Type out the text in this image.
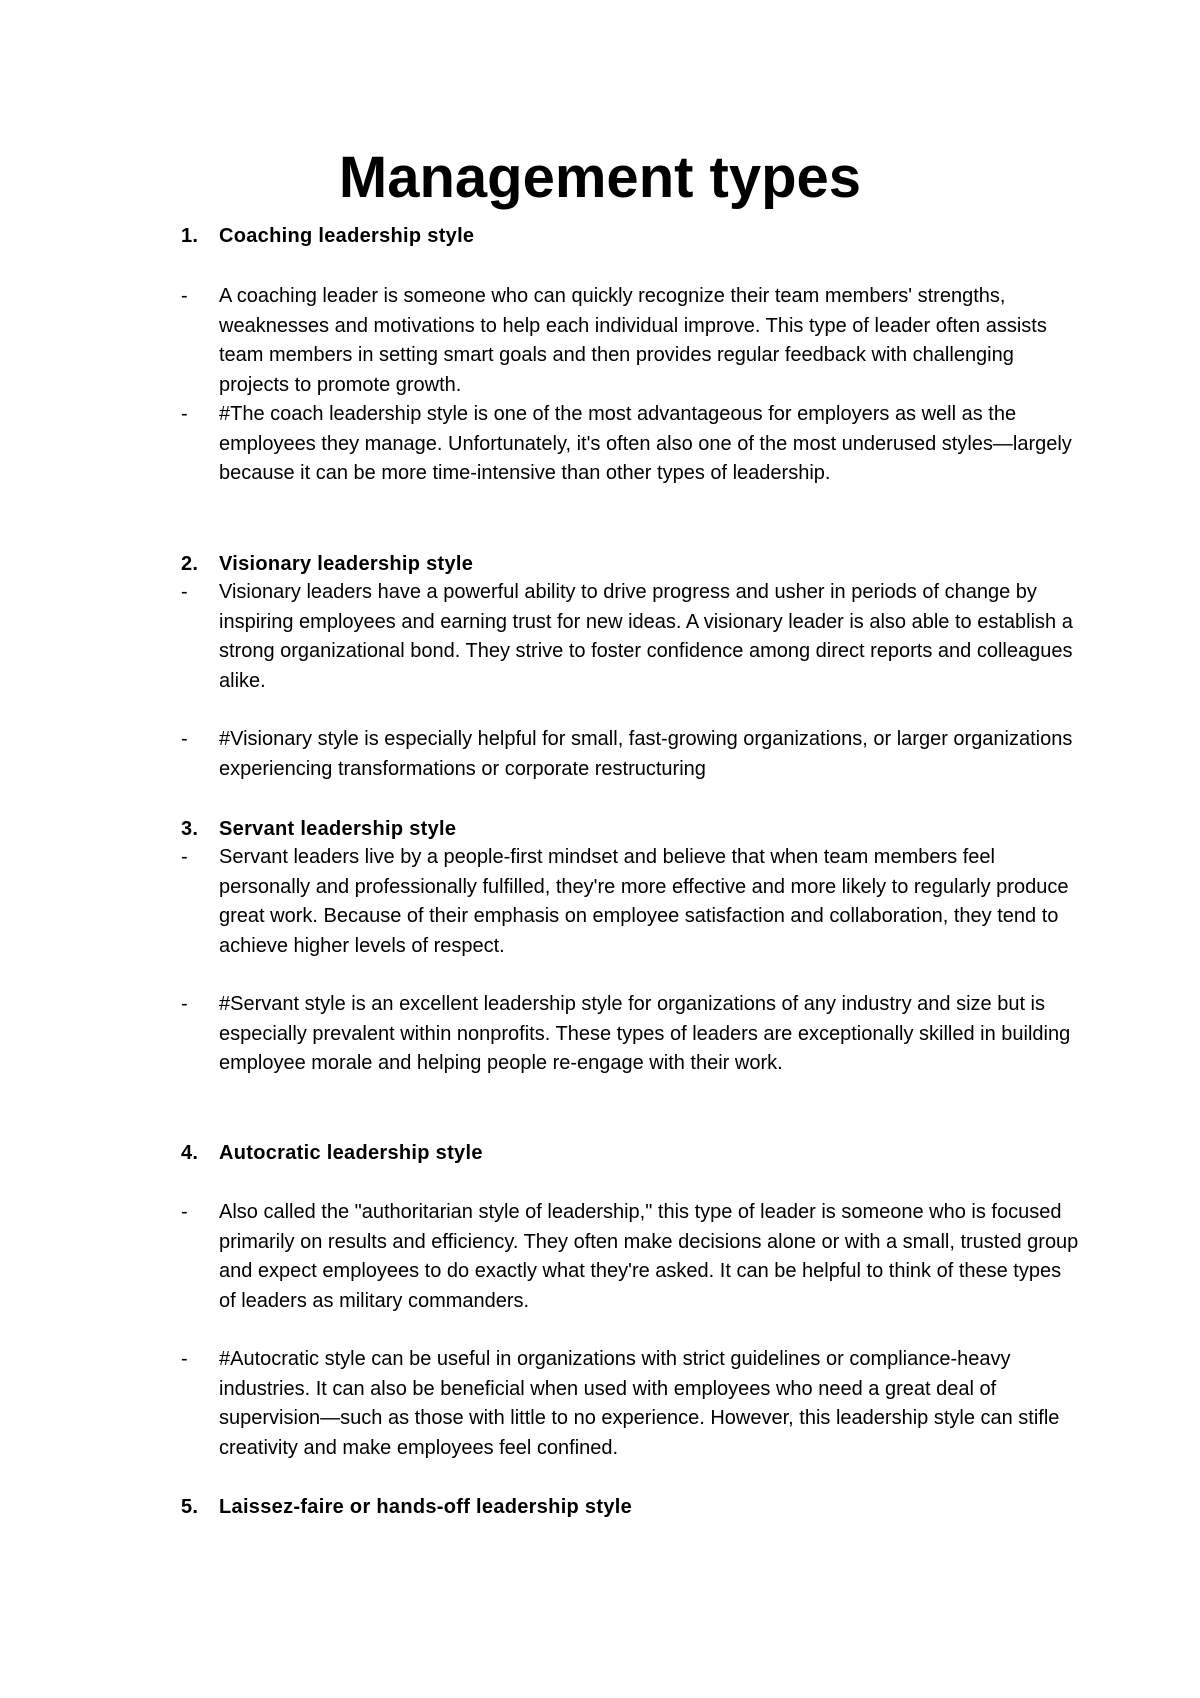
Management types
1. Coaching leadership style
- A coaching leader is someone who can quickly recognize their team members' strengths, weaknesses and motivations to help each individual improve. This type of leader often assists team members in setting smart goals and then provides regular feedback with challenging projects to promote growth.
- #The coach leadership style is one of the most advantageous for employers as well as the employees they manage. Unfortunately, it's often also one of the most underused styles—largely because it can be more time-intensive than other types of leadership.
2. Visionary leadership style
- Visionary leaders have a powerful ability to drive progress and usher in periods of change by inspiring employees and earning trust for new ideas. A visionary leader is also able to establish a strong organizational bond. They strive to foster confidence among direct reports and colleagues alike.
- #Visionary style is especially helpful for small, fast-growing organizations, or larger organizations experiencing transformations or corporate restructuring
3. Servant leadership style
- Servant leaders live by a people-first mindset and believe that when team members feel personally and professionally fulfilled, they're more effective and more likely to regularly produce great work. Because of their emphasis on employee satisfaction and collaboration, they tend to achieve higher levels of respect.
- #Servant style is an excellent leadership style for organizations of any industry and size but is especially prevalent within nonprofits. These types of leaders are exceptionally skilled in building employee morale and helping people re-engage with their work.
4. Autocratic leadership style
- Also called the "authoritarian style of leadership," this type of leader is someone who is focused primarily on results and efficiency. They often make decisions alone or with a small, trusted group and expect employees to do exactly what they're asked. It can be helpful to think of these types of leaders as military commanders.
- #Autocratic style can be useful in organizations with strict guidelines or compliance-heavy industries. It can also be beneficial when used with employees who need a great deal of supervision—such as those with little to no experience. However, this leadership style can stifle creativity and make employees feel confined.
5. Laissez-faire or hands-off leadership style
